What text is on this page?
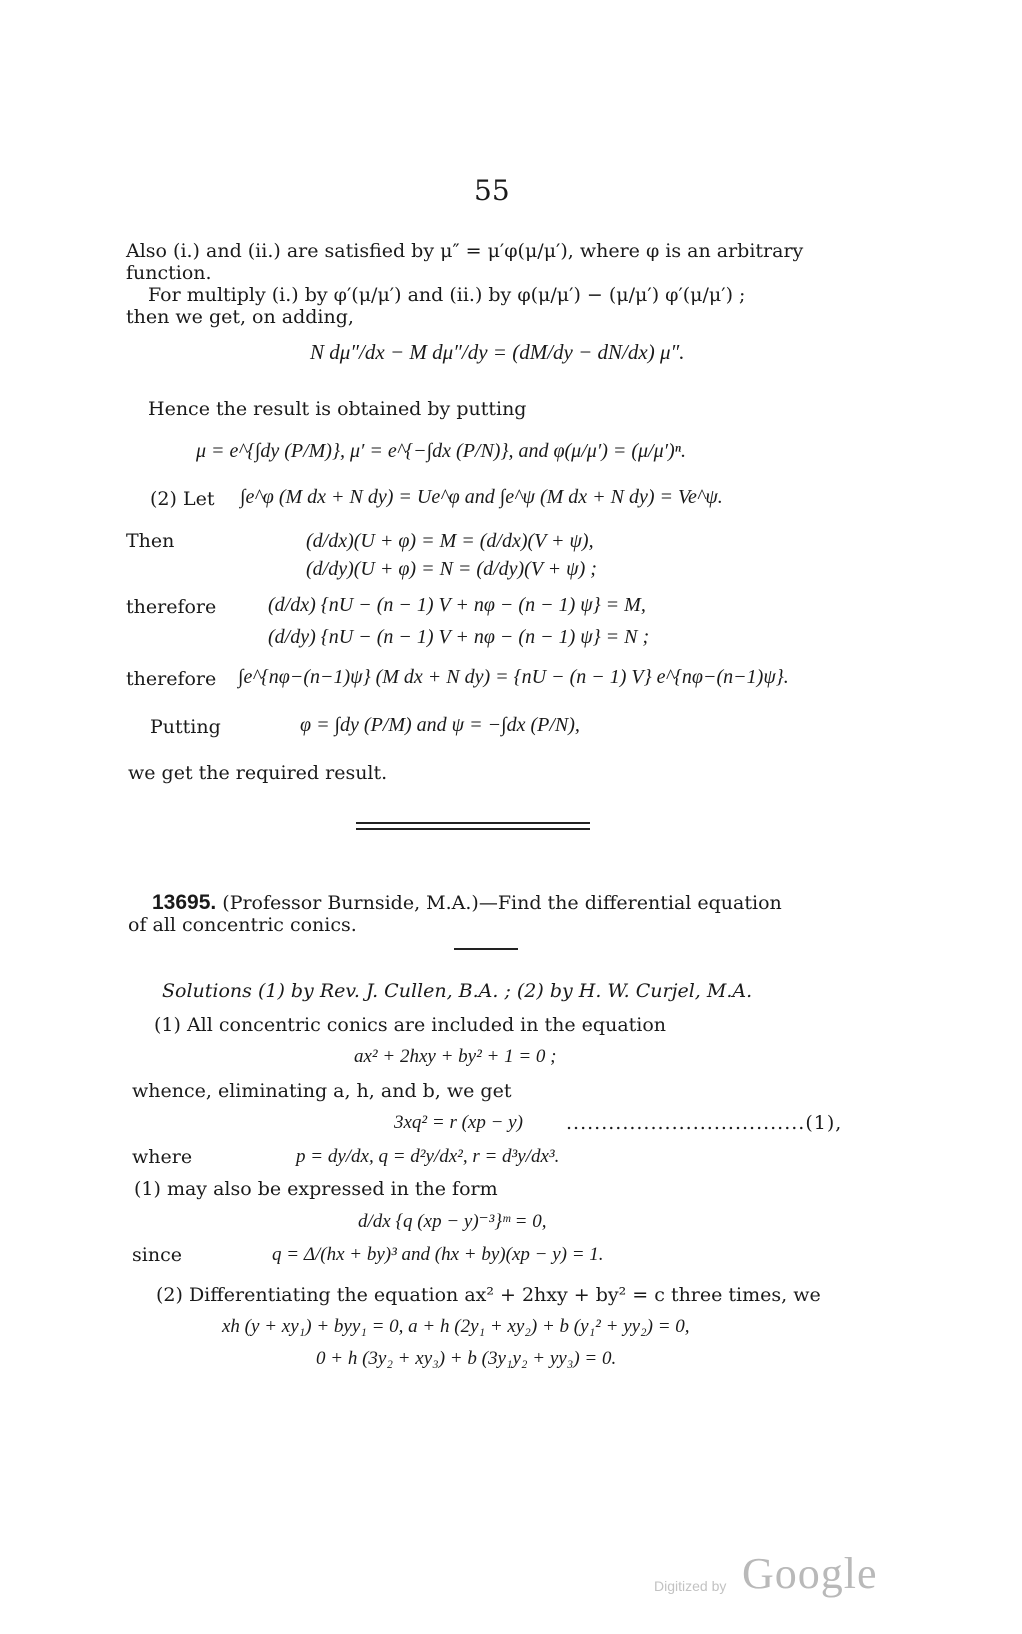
55
Also (i.) and (ii.) are satisfied by μ″ = μ′φ(μ/μ′), where φ is an arbitrary
function.
For multiply (i.) by φ′(μ/μ′) and (ii.) by φ(μ/μ′) − (μ/μ′) φ′(μ/μ′) ;
then we get, on adding,
N dμ″/dx − M dμ″/dy = (dM/dy − dN/dx) μ″.
Hence the result is obtained by putting
μ = e^{∫dy (P/M)}, μ′ = e^{−∫dx (P/N)}, and φ(μ/μ′) = (μ/μ′)ⁿ.
(2) Let ∫e^φ (M dx + N dy) = Ue^φ and ∫e^ψ (M dx + N dy) = Ve^ψ.
Then	(d/dx)(U + φ) = M = (d/dx)(V + ψ),
(d/dy)(U + φ) = N = (d/dy)(V + ψ) ;
therefore	(d/dx) {nU − (n − 1) V + nφ − (n − 1) ψ} = M,
(d/dy) {nU − (n − 1) V + nφ − (n − 1) ψ} = N ;
therefore ∫e^{nφ−(n−1)ψ} (M dx + N dy) = {nU − (n − 1) V} e^{nφ−(n−1)ψ}.
Putting	φ = ∫dy (P/M) and ψ = −∫dx (P/N),
we get the required result.
13695. (Professor Burnside, M.A.)—Find the differential equation
of all concentric conics.
Solutions (1) by Rev. J. Cullen, B.A. ; (2) by H. W. Curjel, M.A.
(1) All concentric conics are included in the equation
ax² + 2hxy + by² + 1 = 0 ;
whence, eliminating a, h, and b, we get
3xq² = r (xp − y) ..................................(1),
where	p = dy/dx, q = d²y/dx², r = d³y/dx³.
(1) may also be expressed in the form
d/dx {q (xp − y)⁻³}ᵐ = 0,
since	q = Δ/(hx + by)³ and (hx + by)(xp − y) = 1.
(2) Differentiating the equation ax² + 2hxy + by² = c three times, we
xh (y + xy₁) + byy₁ = 0, a + h (2y₁ + xy₂) + b (y₁² + yy₂) = 0,
0 + h (3y₂ + xy₃) + b (3y₁y₂ + yy₃) = 0.
Digitized by Google
